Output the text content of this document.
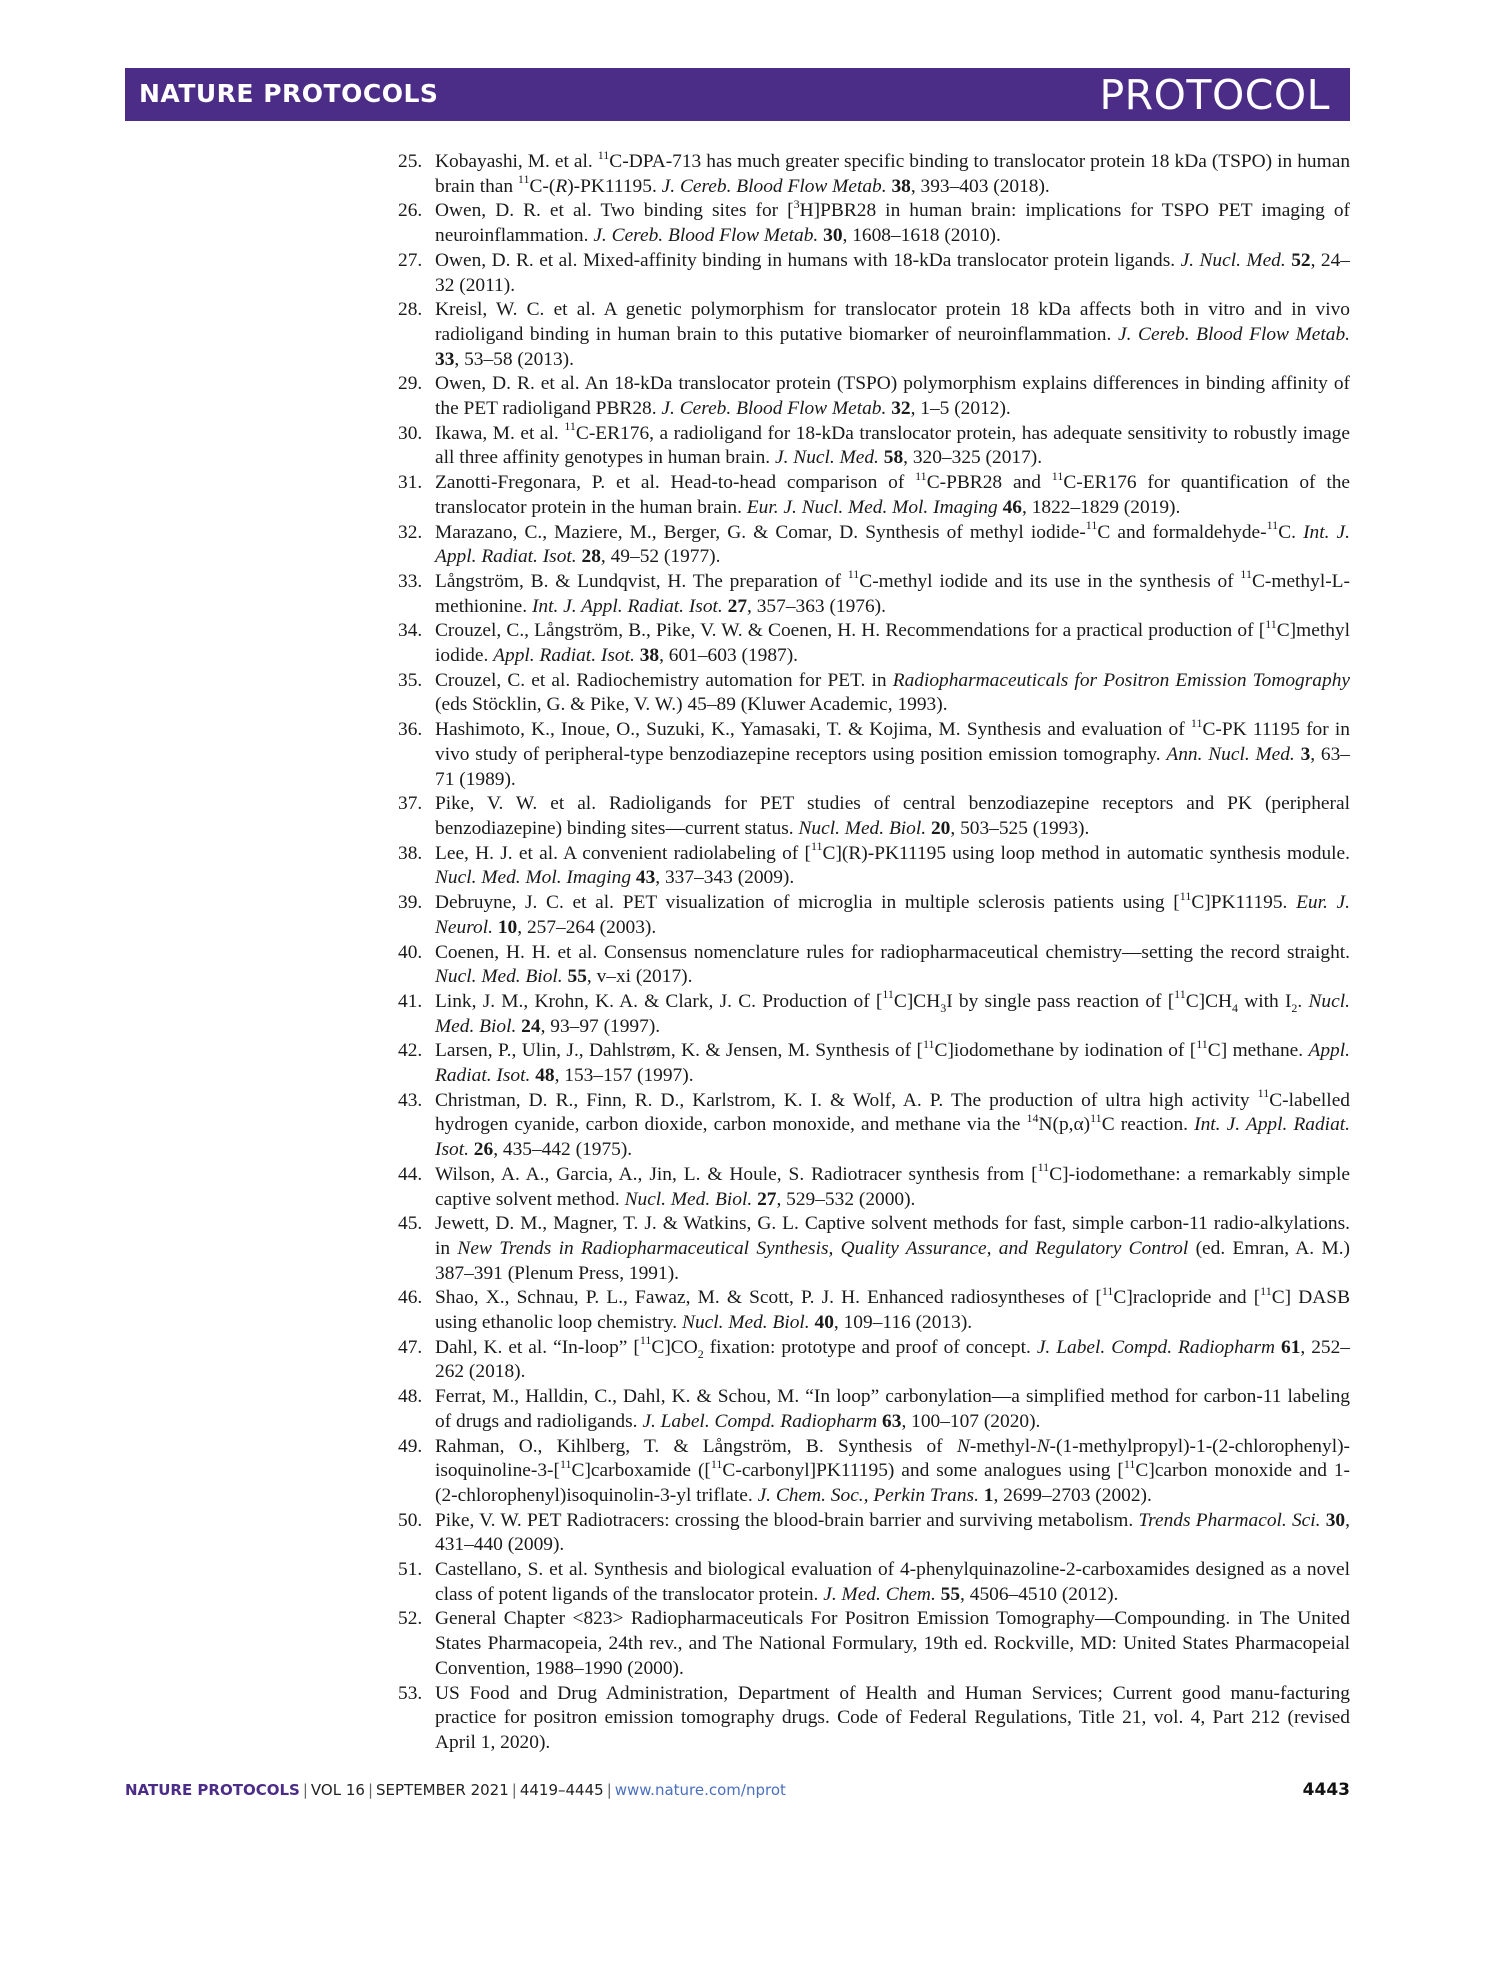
NATURE PROTOCOLS	PROTOCOL
25. Kobayashi, M. et al. $^{11}$C-DPA-713 has much greater specific binding to translocator protein 18 kDa (TSPO) in human brain than $^{11}$C-(R)-PK11195. J. Cereb. Blood Flow Metab. 38, 393–403 (2018).
26. Owen, D. R. et al. Two binding sites for [$^3$H]PBR28 in human brain: implications for TSPO PET imaging of neuroinflammation. J. Cereb. Blood Flow Metab. 30, 1608–1618 (2010).
27. Owen, D. R. et al. Mixed-affinity binding in humans with 18-kDa translocator protein ligands. J. Nucl. Med. 52, 24–32 (2011).
28. Kreisl, W. C. et al. A genetic polymorphism for translocator protein 18 kDa affects both in vitro and in vivo radioligand binding in human brain to this putative biomarker of neuroinflammation. J. Cereb. Blood Flow Metab. 33, 53–58 (2013).
29. Owen, D. R. et al. An 18-kDa translocator protein (TSPO) polymorphism explains differences in binding affinity of the PET radioligand PBR28. J. Cereb. Blood Flow Metab. 32, 1–5 (2012).
30. Ikawa, M. et al. $^{11}$C-ER176, a radioligand for 18-kDa translocator protein, has adequate sensitivity to robustly image all three affinity genotypes in human brain. J. Nucl. Med. 58, 320–325 (2017).
31. Zanotti-Fregonara, P. et al. Head-to-head comparison of $^{11}$C-PBR28 and $^{11}$C-ER176 for quantification of the translocator protein in the human brain. Eur. J. Nucl. Med. Mol. Imaging 46, 1822–1829 (2019).
32. Marazano, C., Maziere, M., Berger, G. & Comar, D. Synthesis of methyl iodide-$^{11}$C and formaldehyde-$^{11}$C. Int. J. Appl. Radiat. Isot. 28, 49–52 (1977).
33. Långström, B. & Lundqvist, H. The preparation of $^{11}$C-methyl iodide and its use in the synthesis of $^{11}$C-methyl-L-methionine. Int. J. Appl. Radiat. Isot. 27, 357–363 (1976).
34. Crouzel, C., Långström, B., Pike, V. W. & Coenen, H. H. Recommendations for a practical production of [$^{11}$C]methyl iodide. Appl. Radiat. Isot. 38, 601–603 (1987).
35. Crouzel, C. et al. Radiochemistry automation for PET. in Radiopharmaceuticals for Positron Emission Tomography (eds Stöcklin, G. & Pike, V. W.) 45–89 (Kluwer Academic, 1993).
36. Hashimoto, K., Inoue, O., Suzuki, K., Yamasaki, T. & Kojima, M. Synthesis and evaluation of $^{11}$C-PK 11195 for in vivo study of peripheral-type benzodiazepine receptors using position emission tomography. Ann. Nucl. Med. 3, 63–71 (1989).
37. Pike, V. W. et al. Radioligands for PET studies of central benzodiazepine receptors and PK (peripheral benzodiazepine) binding sites—current status. Nucl. Med. Biol. 20, 503–525 (1993).
38. Lee, H. J. et al. A convenient radiolabeling of [$^{11}$C](R)-PK11195 using loop method in automatic synthesis module. Nucl. Med. Mol. Imaging 43, 337–343 (2009).
39. Debruyne, J. C. et al. PET visualization of microglia in multiple sclerosis patients using [$^{11}$C]PK11195. Eur. J. Neurol. 10, 257–264 (2003).
40. Coenen, H. H. et al. Consensus nomenclature rules for radiopharmaceutical chemistry—setting the record straight. Nucl. Med. Biol. 55, v–xi (2017).
41. Link, J. M., Krohn, K. A. & Clark, J. C. Production of $[^{11}C]CH_3I$ by single pass reaction of $[^{11}C]CH_4$ with $I_2$. Nucl. Med. Biol. 24, 93–97 (1997).
42. Larsen, P., Ulin, J., Dahlstrøm, K. & Jensen, M. Synthesis of [$^{11}$C]iodomethane by iodination of [$^{11}$C] methane. Appl. Radiat. Isot. 48, 153–157 (1997).
43. Christman, D. R., Finn, R. D., Karlstrom, K. I. & Wolf, A. P. The production of ultra high activity $^{11}$C-labelled hydrogen cyanide, carbon dioxide, carbon monoxide, and methane via the $^{14}N(p,\alpha)^{11}C$ reaction. Int. J. Appl. Radiat. Isot. 26, 435–442 (1975).
44. Wilson, A. A., Garcia, A., Jin, L. & Houle, S. Radiotracer synthesis from [$^{11}$C]-iodomethane: a remarkably simple captive solvent method. Nucl. Med. Biol. 27, 529–532 (2000).
45. Jewett, D. M., Magner, T. J. & Watkins, G. L. Captive solvent methods for fast, simple carbon-11 radio-alkylations. in New Trends in Radiopharmaceutical Synthesis, Quality Assurance, and Regulatory Control (ed. Emran, A. M.) 387–391 (Plenum Press, 1991).
46. Shao, X., Schnau, P. L., Fawaz, M. & Scott, P. J. H. Enhanced radiosyntheses of [$^{11}$C]raclopride and [$^{11}$C] DASB using ethanolic loop chemistry. Nucl. Med. Biol. 40, 109–116 (2013).
47. Dahl, K. et al. “In-loop” $[^{11}C]CO_2$ fixation: prototype and proof of concept. J. Label. Compd. Radiopharm 61, 252–262 (2018).
48. Ferrat, M., Halldin, C., Dahl, K. & Schou, M. “In loop” carbonylation—a simplified method for carbon-11 labeling of drugs and radioligands. J. Label. Compd. Radiopharm 63, 100–107 (2020).
49. Rahman, O., Kihlberg, T. & Långström, B. Synthesis of N-methyl-N-(1-methylpropyl)-1-(2-chlorophenyl)-isoquinoline-3-[$^{11}$C]carboxamide ([$^{11}$C-carbonyl]PK11195) and some analogues using [$^{11}$C]carbon monoxide and 1-(2-chlorophenyl)isoquinolin-3-yl triflate. J. Chem. Soc., Perkin Trans. 1, 2699–2703 (2002).
50. Pike, V. W. PET Radiotracers: crossing the blood-brain barrier and surviving metabolism. Trends Pharmacol. Sci. 30, 431–440 (2009).
51. Castellano, S. et al. Synthesis and biological evaluation of 4-phenylquinazoline-2-carboxamides designed as a novel class of potent ligands of the translocator protein. J. Med. Chem. 55, 4506–4510 (2012).
52. General Chapter <823> Radiopharmaceuticals For Positron Emission Tomography—Compounding. in The United States Pharmacopeia, 24th rev., and The National Formulary, 19th ed. Rockville, MD: United States Pharmacopeial Convention, 1988–1990 (2000).
53. US Food and Drug Administration, Department of Health and Human Services; Current good manu-facturing practice for positron emission tomography drugs. Code of Federal Regulations, Title 21, vol. 4, Part 212 (revised April 1, 2020).
NATURE PROTOCOLS | VOL 16 | SEPTEMBER 2021 | 4419–4445 | www.nature.com/nprot	4443
